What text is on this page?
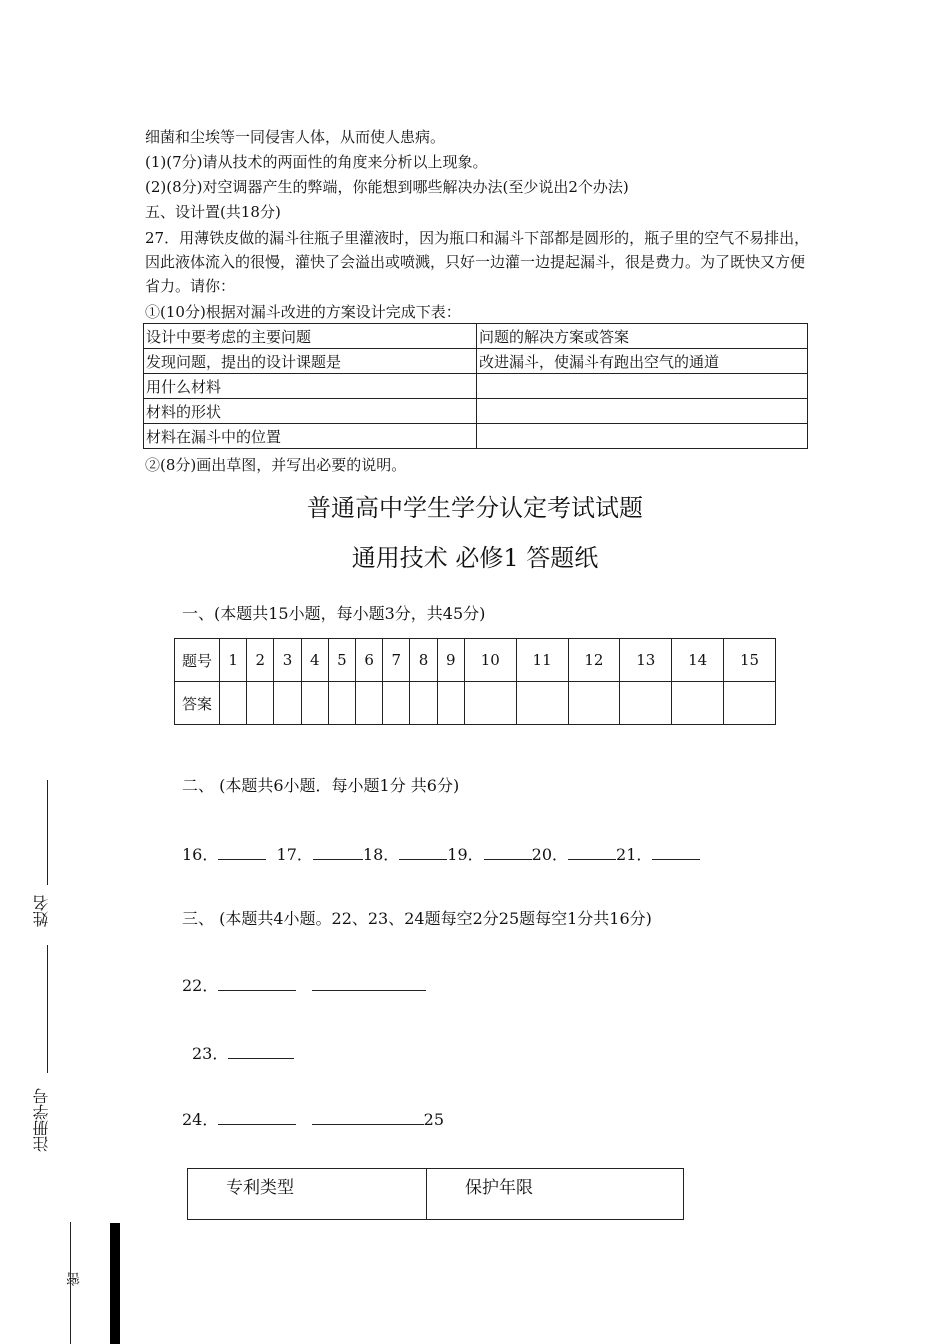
细菌和尘埃等一同侵害人体，从而使人患病。
(1)(7分)请从技术的两面性的角度来分析以上现象。
(2)(8分)对空调器产生的弊端，你能想到哪些解决办法(至少说出2个办法)
五、设计置(共18分)
27．用薄铁皮做的漏斗往瓶子里灌液时，因为瓶口和漏斗下部都是圆形的，瓶子里的空气不易排出，因此液体流入的很慢，灌快了会溢出或喷溅，只好一边灌一边提起漏斗，很是费力。为了既快又方便省力。请你：
①(10分)根据对漏斗改进的方案设计完成下表：
设计中要考虑的主要问题	问题的解决方案或答案
发现问题，提出的设计课题是	改进漏斗，使漏斗有跑出空气的通道
用什么材料	
材料的形状	
材料在漏斗中的位置	
②(8分)画出草图，并写出必要的说明。
普通高中学生学分认定考试试题
通用技术 必修1 答题纸
一、(本题共15小题，每小题3分，共45分)
题号	1	2	3	4	5	6	7	8	9	10	11	12	13	14	15
答案															
二、 (本题共6小题．每小题1分 共6分)
16．	17．	18．	19．	20．	21．
三、 (本题共4小题。22、23、24题每空2分25题每空1分共16分)
22．
23．
24．	25
专利类型	保护年限
姓名
注册学号
密
